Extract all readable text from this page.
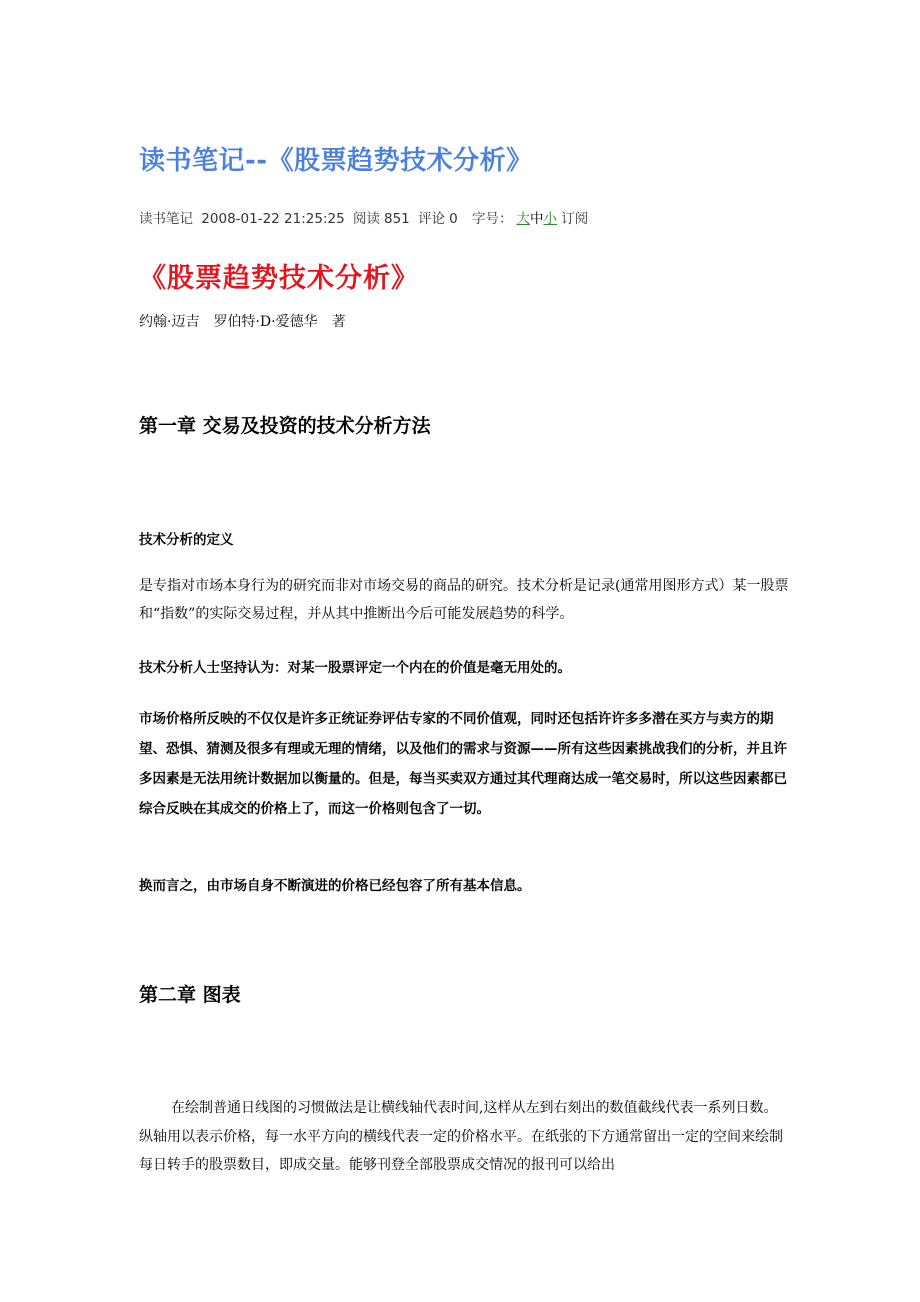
读书笔记--《股票趋势技术分析》
读书笔记 2008-01-22 21:25:25 阅读 851 评论 0 字号： 大中小 订阅
《股票趋势技术分析》

约翰·迈吉　罗伯特·D·爱德华　著

第一章 交易及投资的技术分析方法
技术分析的定义

是专指对市场本身行为的研究而非对市场交易的商品的研究。技术分析是记录(通常用图形方式）某一股票和“指数”的实际交易过程，并从其中推断出今后可能发展趋势的科学。

技术分析人士坚持认为：对某一股票评定一个内在的价值是毫无用处的。

市场价格所反映的不仅仅是许多正统证券评估专家的不同价值观，同时还包括许许多多潜在买方与卖方的期望、恐惧、猜测及很多有理或无理的情绪，以及他们的需求与资源——所有这些因素挑战我们的分析，并且许多因素是无法用统计数据加以衡量的。但是，每当买卖双方通过其代理商达成一笔交易时，所以这些因素都已综合反映在其成交的价格上了，而这一价格则包含了一切。

换而言之，由市场自身不断演进的价格已经包容了所有基本信息。

第二章 图表

在绘制普通日线图的习惯做法是让横线轴代表时间,这样从左到右刻出的数值截线代表一系列日数。纵轴用以表示价格，每一水平方向的横线代表一定的价格水平。在纸张的下方通常留出一定的空间来绘制每日转手的股票数目，即成交量。能够刊登全部股票成交情况的报刊可以给出
